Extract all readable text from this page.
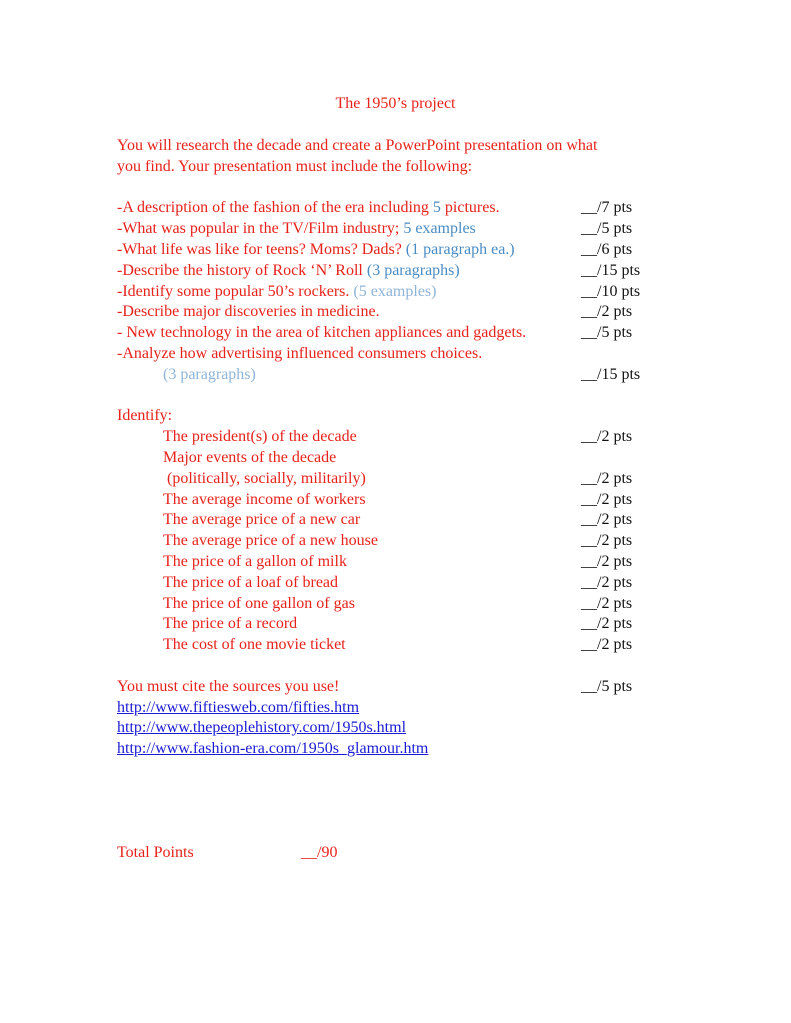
The 1950’s project
You will research the decade and create a PowerPoint presentation on what
you find. Your presentation must include the following:
-A description of the fashion of the era including 5 pictures.	__/7 pts
-What was popular in the TV/Film industry; 5 examples	__/5 pts
-What life was like for teens? Moms? Dads? (1 paragraph ea.)	__/6 pts
-Describe the history of Rock ‘N’ Roll (3 paragraphs)	__/15 pts
-Identify some popular 50’s rockers. (5 examples)	__/10 pts
-Describe major discoveries in medicine.	__/2 pts
- New technology in the area of kitchen appliances and gadgets.	__/5 pts
-Analyze how advertising influenced consumers choices.
(3 paragraphs)	__/15 pts
Identify:
The president(s) of the decade	__/2 pts
Major events of the decade
(politically, socially, militarily)	__/2 pts
The average income of workers	__/2 pts
The average price of a new car	__/2 pts
The average price of a new house	__/2 pts
The price of a gallon of milk	__/2 pts
The price of a loaf of bread	__/2 pts
The price of one gallon of gas	__/2 pts
The price of a record	__/2 pts
The cost of one movie ticket	__/2 pts
You must cite the sources you use!	__/5 pts
http://www.fiftiesweb.com/fifties.htm
http://www.thepeoplehistory.com/1950s.html
http://www.fashion-era.com/1950s_glamour.htm
Total Points	__/90
